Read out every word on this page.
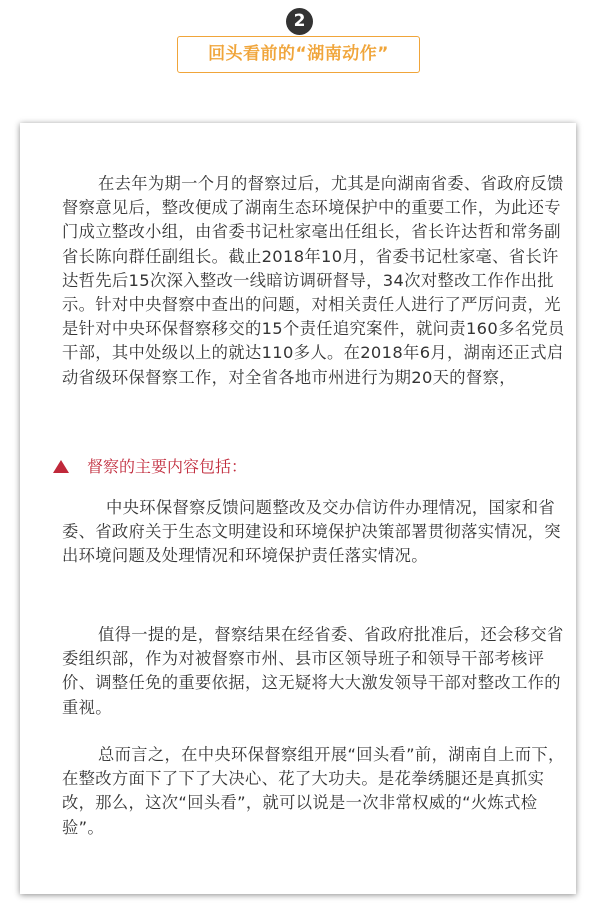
2
回头看前的“湖南动作”

在去年为期一个月的督察过后，尤其是向湖南省委、省政府反馈督察意见后，整改便成了湖南生态环境保护中的重要工作，为此还专门成立整改小组，由省委书记杜家毫出任组长，省长许达哲和常务副省长陈向群任副组长。截止2018年10月，省委书记杜家毫、省长许达哲先后15次深入整改一线暗访调研督导，34次对整改工作作出批示。针对中央督察中查出的问题，对相关责任人进行了严厉问责，光是针对中央环保督察移交的15个责任追究案件，就问责160多名党员干部，其中处级以上的就达110多人。在2018年6月，湖南还正式启动省级环保督察工作，对全省各地市州进行为期20天的督察，

督察的主要内容包括：

中央环保督察反馈问题整改及交办信访件办理情况，国家和省委、省政府关于生态文明建设和环境保护决策部署贯彻落实情况，突出环境问题及处理情况和环境保护责任落实情况。

值得一提的是，督察结果在经省委、省政府批准后，还会移交省委组织部，作为对被督察市州、县市区领导班子和领导干部考核评价、调整任免的重要依据，这无疑将大大激发领导干部对整改工作的重视。

总而言之，在中央环保督察组开展“回头看”前，湖南自上而下，在整改方面下了下了大决心、花了大功夫。是花拳绣腿还是真抓实改，那么，这次“回头看”，就可以说是一次非常权威的“火炼式检验”。
